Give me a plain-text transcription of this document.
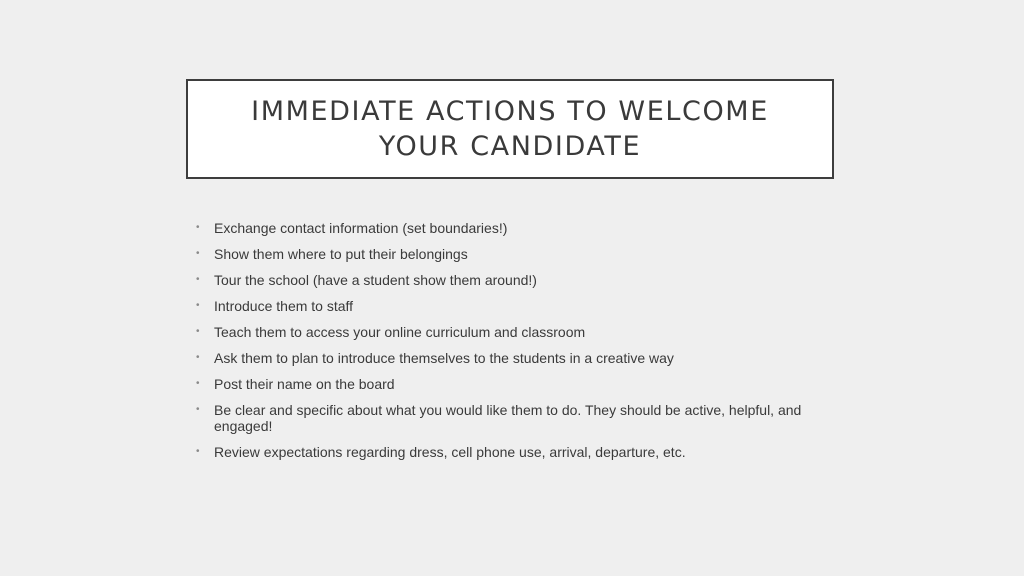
IMMEDIATE ACTIONS TO WELCOME
YOUR CANDIDATE
•	Exchange contact information (set boundaries!)
•	Show them where to put their belongings
•	Tour the school (have a student show them around!)
•	Introduce them to staff
•	Teach them to access your online curriculum and classroom
•	Ask them to plan to introduce themselves to the students in a creative way
•	Post their name on the board
•	Be clear and specific about what you would like them to do. They should be active, helpful, and engaged!
•	Review expectations regarding dress, cell phone use, arrival, departure, etc.
